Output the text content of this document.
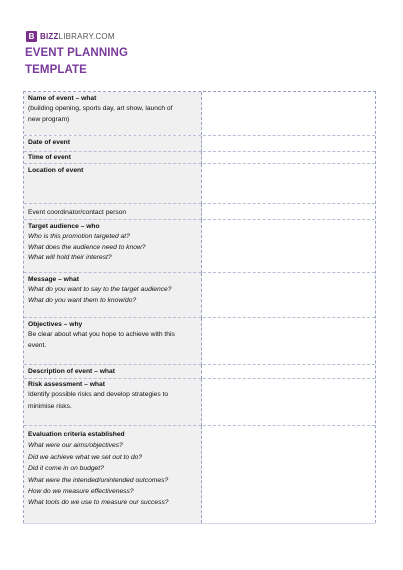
B BIZZLIBRARY.COM
EVENT PLANNING
TEMPLATE
Name of event – what
(building opening, sports day, art show, launch of
new program)
Date of event
Time of event
Location of event
Event coordinator/contact person
Target audience – who
Who is this promotion targeted at?
What does the audience need to know?
What will hold their interest?
Message – what
What do you want to say to the target audience?
What do you want them to know/do?
Objectives – why
Be clear about what you hope to achieve with this
event.
Description of event – what
Risk assessment – what
Identify possible risks and develop strategies to
minimise risks.
Evaluation criteria established
What were our aims/objectives?
Did we achieve what we set out to do?
Did it come in on budget?
What were the intended/unintended outcomes?
How do we measure effectiveness?
What tools do we use to measure our success?
